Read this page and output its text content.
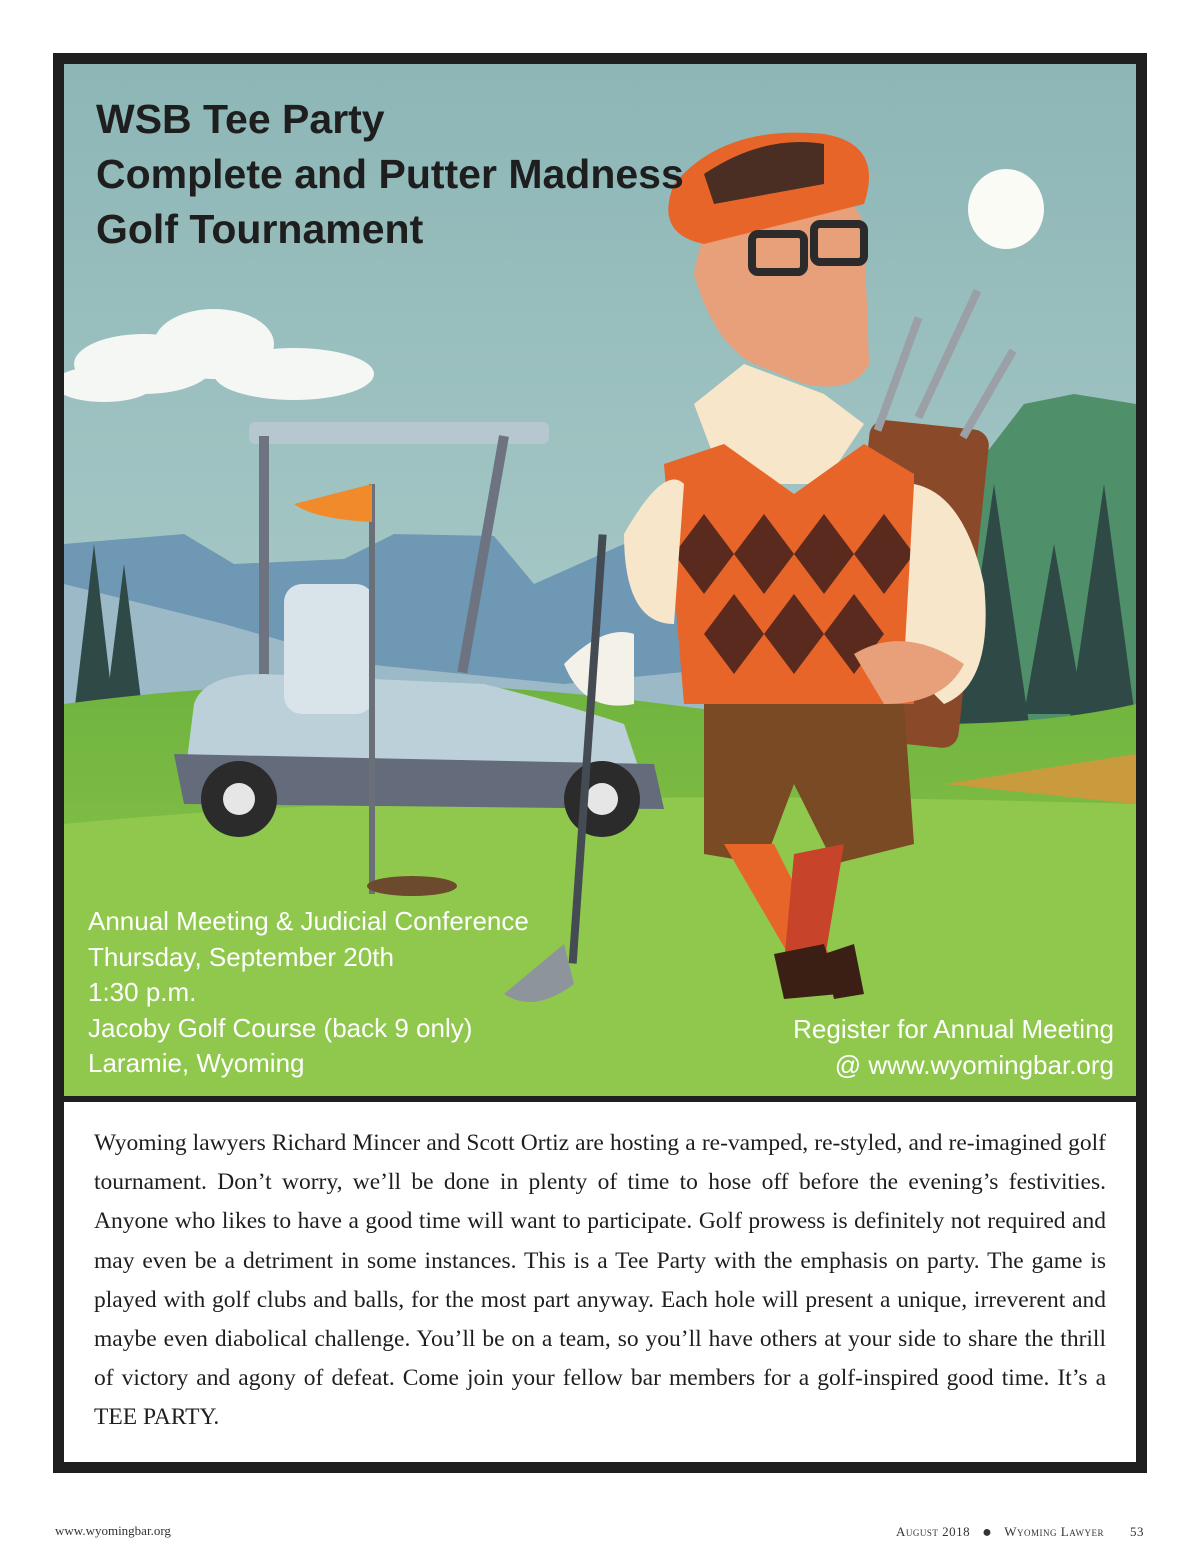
WSB Tee Party
Complete and Putter Madness
Golf Tournament
Annual Meeting & Judicial Conference
Thursday, September 20th
1:30 p.m.
Jacoby Golf Course (back 9 only)
Laramie, Wyoming
Register for Annual Meeting
@ www.wyomingbar.org

Wyoming lawyers Richard Mincer and Scott Ortiz are hosting a re-vamped, re-styled, and re-imagined golf tournament. Don’t worry, we’ll be done in plenty of time to hose off before the evening’s festivities. Anyone who likes to have a good time will want to participate. Golf prowess is definitely not required and may even be a detriment in some instances. This is a Tee Party with the emphasis on party. The game is played with golf clubs and balls, for the most part anyway. Each hole will present a unique, irreverent and maybe even diabolical challenge. You’ll be on a team, so you’ll have others at your side to share the thrill of victory and agony of defeat. Come join your fellow bar members for a golf-inspired good time. It’s a TEE PARTY.

www.wyomingbar.org	August 2018 ● Wyoming Lawyer 53
